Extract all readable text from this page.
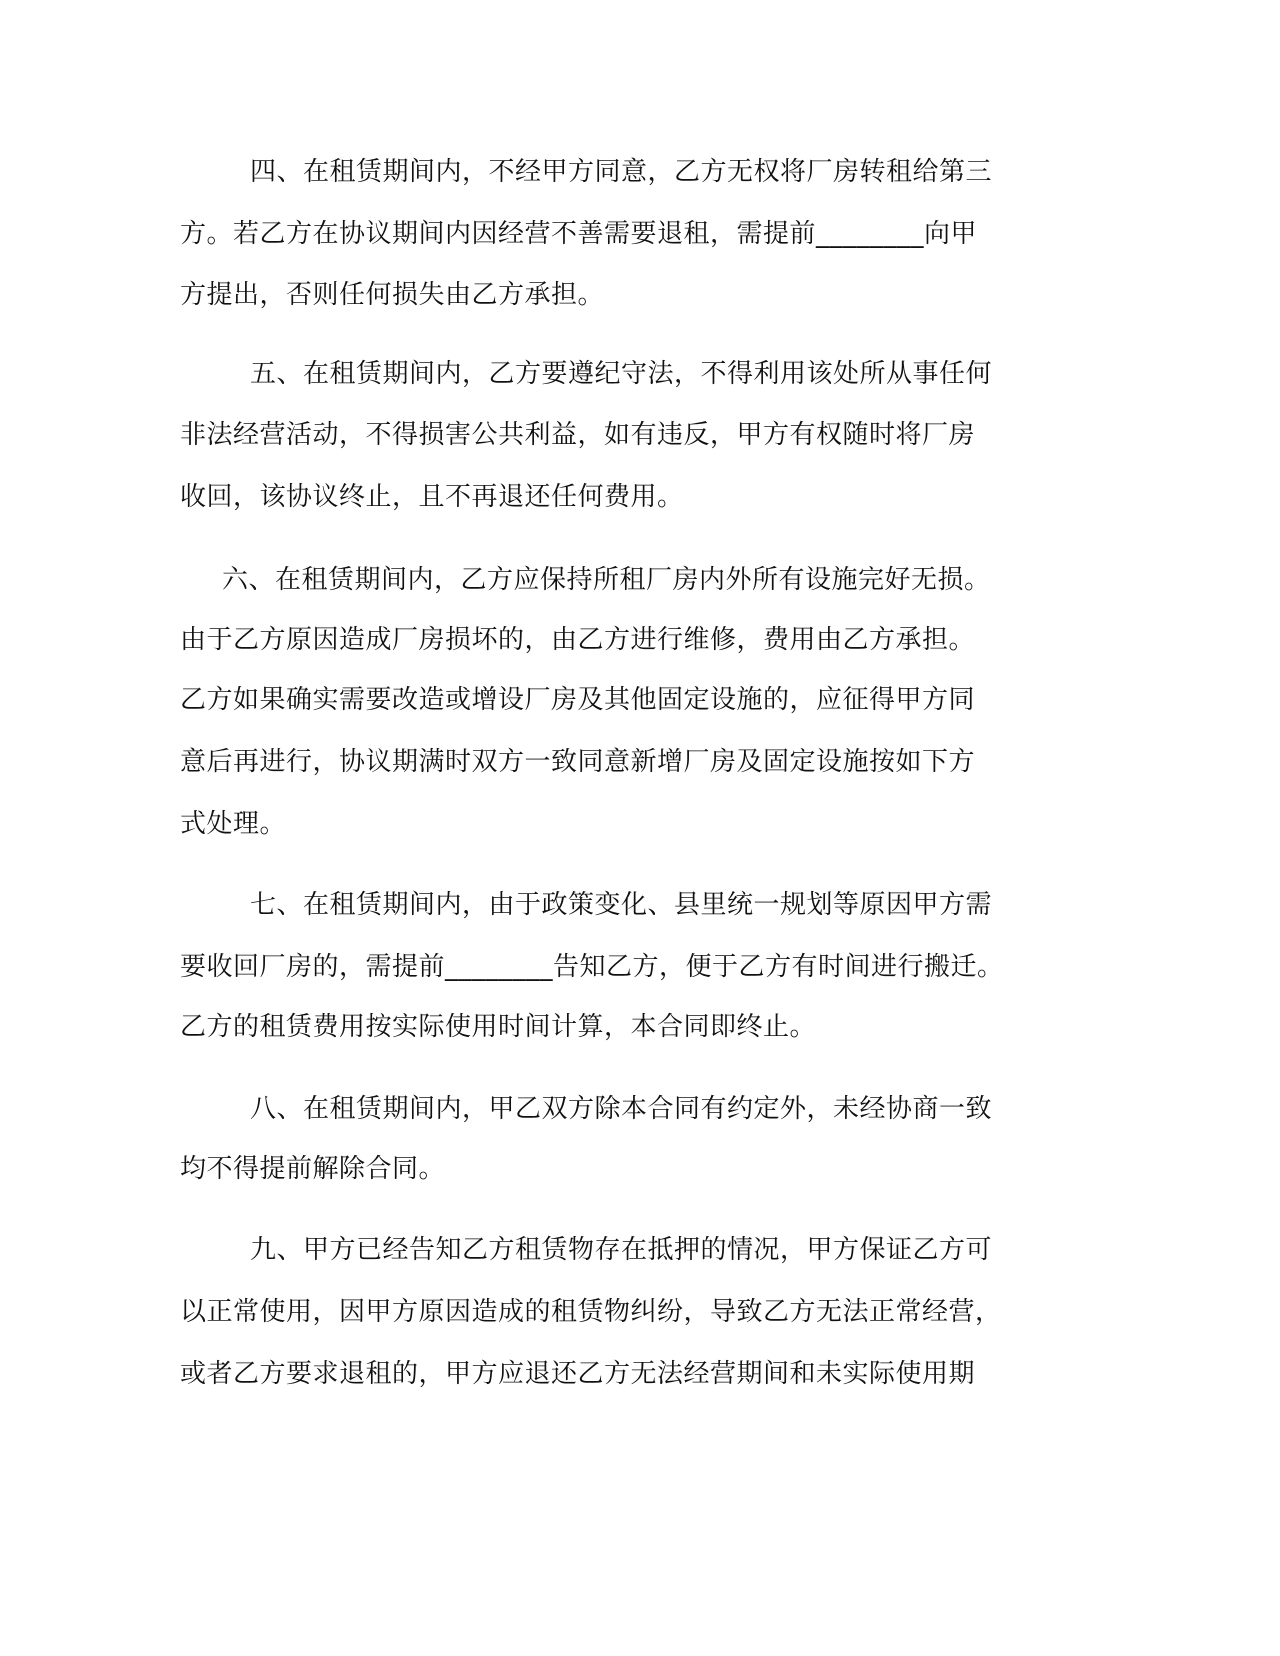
四、在租赁期间内，不经甲方同意，乙方无权将厂房转租给第三
方。若乙方在协议期间内因经营不善需要退租，需提前________向甲
方提出，否则任何损失由乙方承担。
五、在租赁期间内，乙方要遵纪守法，不得利用该处所从事任何
非法经营活动，不得损害公共利益，如有违反，甲方有权随时将厂房
收回，该协议终止，且不再退还任何费用。
六、在租赁期间内，乙方应保持所租厂房内外所有设施完好无损。
由于乙方原因造成厂房损坏的，由乙方进行维修，费用由乙方承担。
乙方如果确实需要改造或增设厂房及其他固定设施的，应征得甲方同
意后再进行，协议期满时双方一致同意新增厂房及固定设施按如下方
式处理。
七、在租赁期间内，由于政策变化、县里统一规划等原因甲方需
要收回厂房的，需提前________告知乙方，便于乙方有时间进行搬迁。
乙方的租赁费用按实际使用时间计算，本合同即终止。
八、在租赁期间内，甲乙双方除本合同有约定外，未经协商一致
均不得提前解除合同。
九、甲方已经告知乙方租赁物存在抵押的情况，甲方保证乙方可
以正常使用，因甲方原因造成的租赁物纠纷，导致乙方无法正常经营，
或者乙方要求退租的，甲方应退还乙方无法经营期间和未实际使用期
